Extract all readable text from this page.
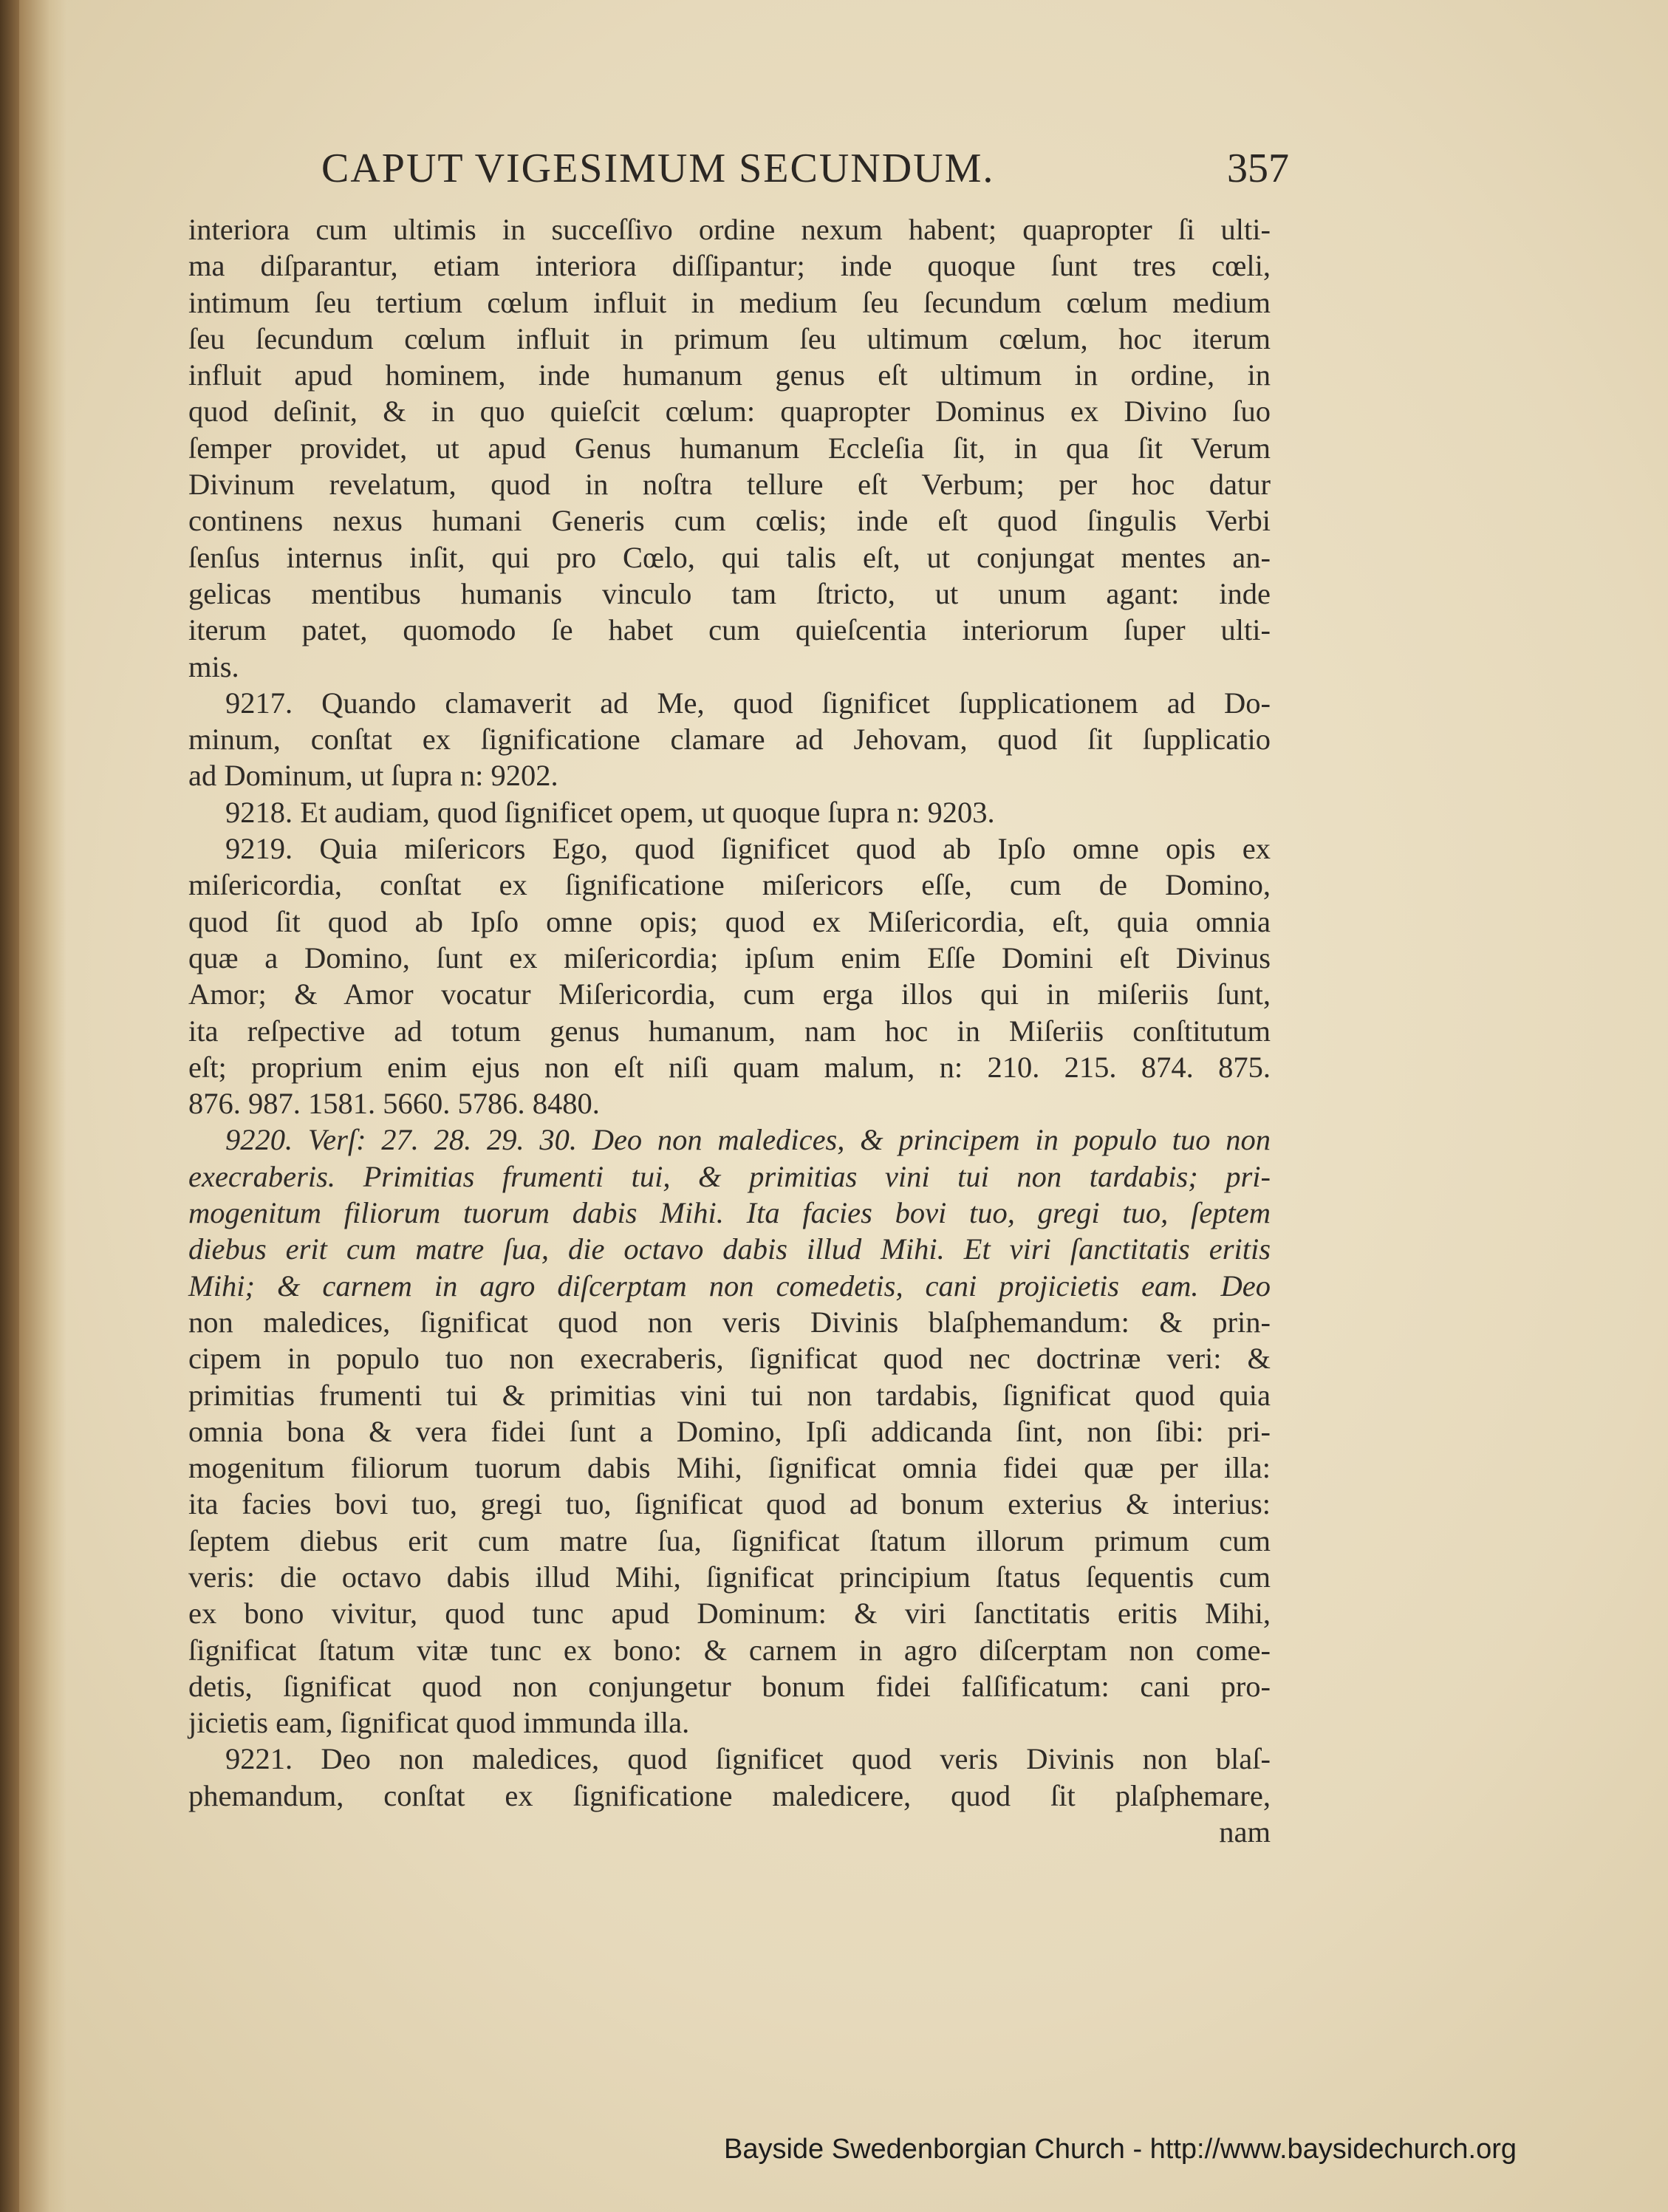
CAPUT VIGESIMUM SECUNDUM.	357
interiora cum ultimis in succeſſivo ordine nexum habent; quapropter ſi ulti-
ma diſparantur, etiam interiora diſſipantur; inde quoque ſunt tres cœli,
intimum ſeu tertium cœlum influit in medium ſeu ſecundum cœlum medium
ſeu ſecundum cœlum influit in primum ſeu ultimum cœlum, hoc iterum
influit apud hominem, inde humanum genus eſt ultimum in ordine, in
quod deſinit, & in quo quieſcit cœlum: quapropter Dominus ex Divino ſuo
ſemper providet, ut apud Genus humanum Eccleſia ſit, in qua ſit Verum
Divinum revelatum, quod in noſtra tellure eſt Verbum; per hoc datur
continens nexus humani Generis cum cœlis; inde eſt quod ſingulis Verbi
ſenſus internus inſit, qui pro Cœlo, qui talis eſt, ut conjungat mentes an-
gelicas mentibus humanis vinculo tam ſtricto, ut unum agant: inde
iterum patet, quomodo ſe habet cum quieſcentia interiorum ſuper ulti-
mis.
9217. Quando clamaverit ad Me, quod ſignificet ſupplicationem ad Do-
minum, conſtat ex ſignificatione clamare ad Jehovam, quod ſit ſupplicatio
ad Dominum, ut ſupra n: 9202.
9218. Et audiam, quod ſignificet opem, ut quoque ſupra n: 9203.
9219. Quia miſericors Ego, quod ſignificet quod ab Ipſo omne opis ex
miſericordia, conſtat ex ſignificatione miſericors eſſe, cum de Domino,
quod ſit quod ab Ipſo omne opis; quod ex Miſericordia, eſt, quia omnia
quæ a Domino, ſunt ex miſericordia; ipſum enim Eſſe Domini eſt Divinus
Amor; & Amor vocatur Miſericordia, cum erga illos qui in miſeriis ſunt,
ita reſpective ad totum genus humanum, nam hoc in Miſeriis conſtitutum
eſt; proprium enim ejus non eſt niſi quam malum, n: 210. 215. 874. 875.
876. 987. 1581. 5660. 5786. 8480.
9220. Verſ: 27. 28. 29. 30. Deo non maledices, & principem in populo tuo non
execraberis. Primitias frumenti tui, & primitias vini tui non tardabis; pri-
mogenitum filiorum tuorum dabis Mihi. Ita facies bovi tuo, gregi tuo, ſeptem
diebus erit cum matre ſua, die octavo dabis illud Mihi. Et viri ſanctitatis eritis
Mihi; & carnem in agro diſcerptam non comedetis, cani projicietis eam. Deo
non maledices, ſignificat quod non veris Divinis blaſphemandum: & prin-
cipem in populo tuo non execraberis, ſignificat quod nec doctrinæ veri: &
primitias frumenti tui & primitias vini tui non tardabis, ſignificat quod quia
omnia bona & vera fidei ſunt a Domino, Ipſi addicanda ſint, non ſibi: pri-
mogenitum filiorum tuorum dabis Mihi, ſignificat omnia fidei quæ per illa:
ita facies bovi tuo, gregi tuo, ſignificat quod ad bonum exterius & interius:
ſeptem diebus erit cum matre ſua, ſignificat ſtatum illorum primum cum
veris: die octavo dabis illud Mihi, ſignificat principium ſtatus ſequentis cum
ex bono vivitur, quod tunc apud Dominum: & viri ſanctitatis eritis Mihi,
ſignificat ſtatum vitæ tunc ex bono: & carnem in agro diſcerptam non come-
detis, ſignificat quod non conjungetur bonum fidei falſificatum: cani pro-
jicietis eam, ſignificat quod immunda illa.
9221. Deo non maledices, quod ſignificet quod veris Divinis non blaſ-
phemandum, conſtat ex ſignificatione maledicere, quod ſit plaſphemare,
nam
Bayside Swedenborgian Church - http://www.baysidechurch.org
